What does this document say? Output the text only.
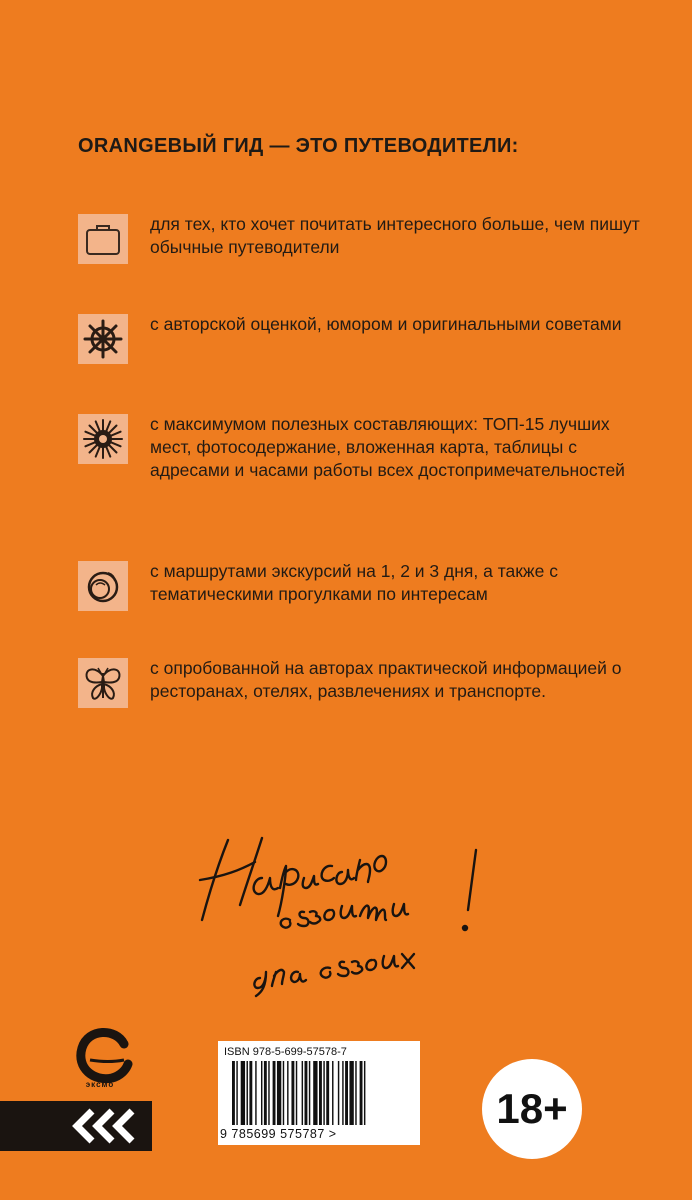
ORANGEВЫЙ ГИД — ЭТО ПУТЕВОДИТЕЛИ:
для тех, кто хочет почитать интересного больше, чем пишут обычные путеводители
с авторской оценкой, юмором и оригинальными советами
с максимумом полезных составляющих: ТОП-15 лучших мест, фотосодержание, вложенная карта, таблицы с адресами и часами работы всех достопримечательностей
с маршрутами экскурсий на 1, 2 и 3 дня, а также с тематическими прогулками по интересам
с опробованной на авторах практической информацией о ресторанах, отелях, развлечениях и транспорте.
эксмо
ISBN 978-5-699-57578-7
9 785699 575787 >
18+
